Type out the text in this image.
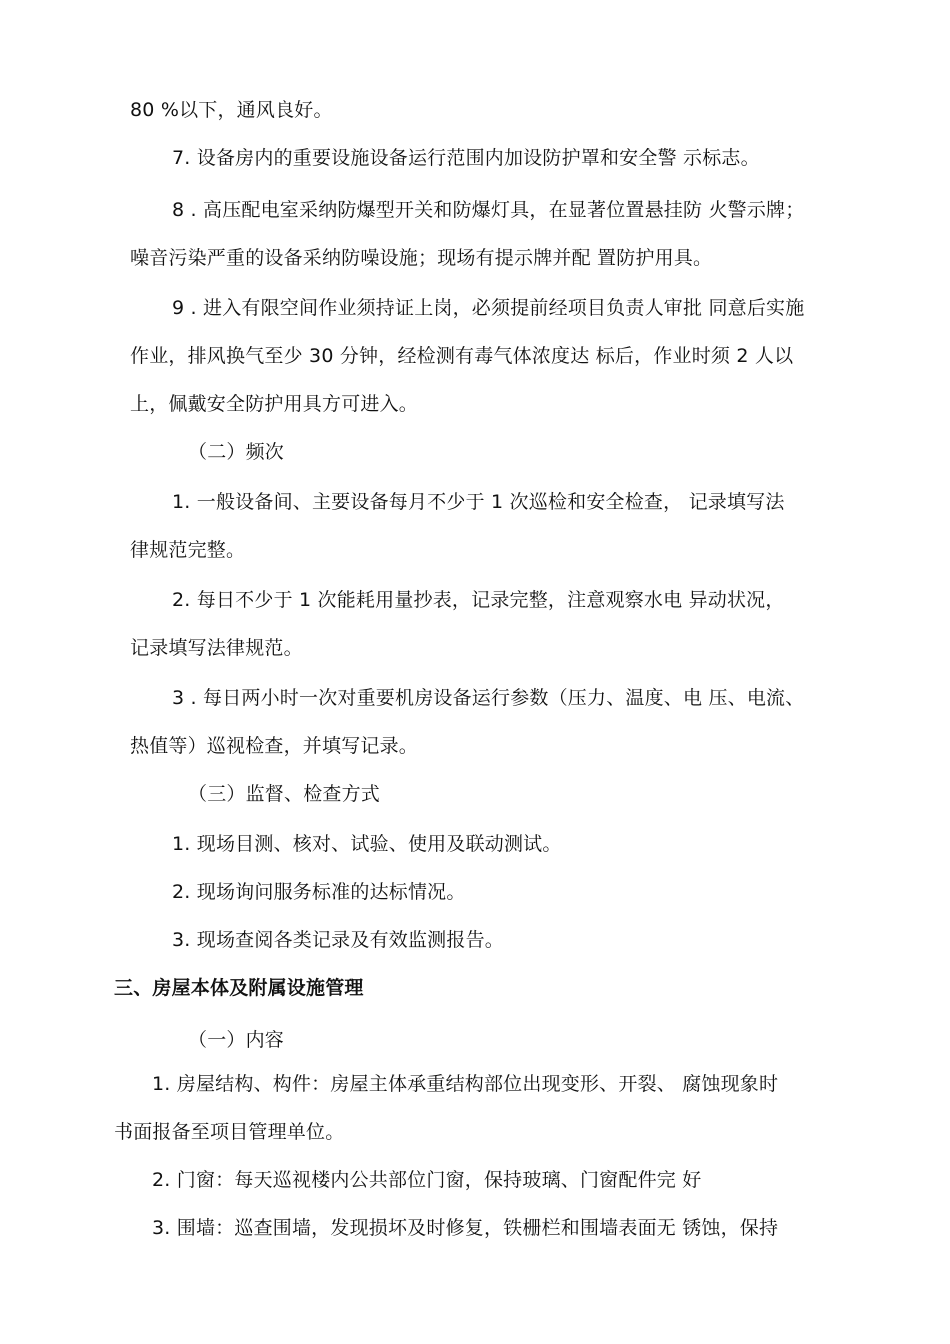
80 %以下，通风良好。
7. 设备房内的重要设施设备运行范围内加设防护罩和安全警 示标志。
8 . 高压配电室采纳防爆型开关和防爆灯具，在显著位置悬挂防 火警示牌；
噪音污染严重的设备采纳防噪设施；现场有提示牌并配 置防护用具。
9 . 进入有限空间作业须持证上岗，必须提前经项目负责人审批 同意后实施
作业，排风换气至少 30 分钟，经检测有毒气体浓度达 标后，作业时须 2 人以
上，佩戴安全防护用具方可进入。
（二）频次
1. 一般设备间、主要设备每月不少于 1 次巡检和安全检查， 记录填写法
律规范完整。
2. 每日不少于 1 次能耗用量抄表，记录完整，注意观察水电 异动状况，
记录填写法律规范。
3 . 每日两小时一次对重要机房设备运行参数（压力、温度、电 压、电流、
热值等）巡视检查，并填写记录。
（三）监督、检查方式
1. 现场目测、核对、试验、使用及联动测试。
2. 现场询问服务标准的达标情况。
3. 现场查阅各类记录及有效监测报告。
三、房屋本体及附属设施管理
（一）内容
1. 房屋结构、构件：房屋主体承重结构部位出现变形、开裂、 腐蚀现象时
书面报备至项目管理单位。
2. 门窗：每天巡视楼内公共部位门窗，保持玻璃、门窗配件完 好
3. 围墙：巡查围墙，发现损坏及时修复，铁栅栏和围墙表面无 锈蚀，保持
